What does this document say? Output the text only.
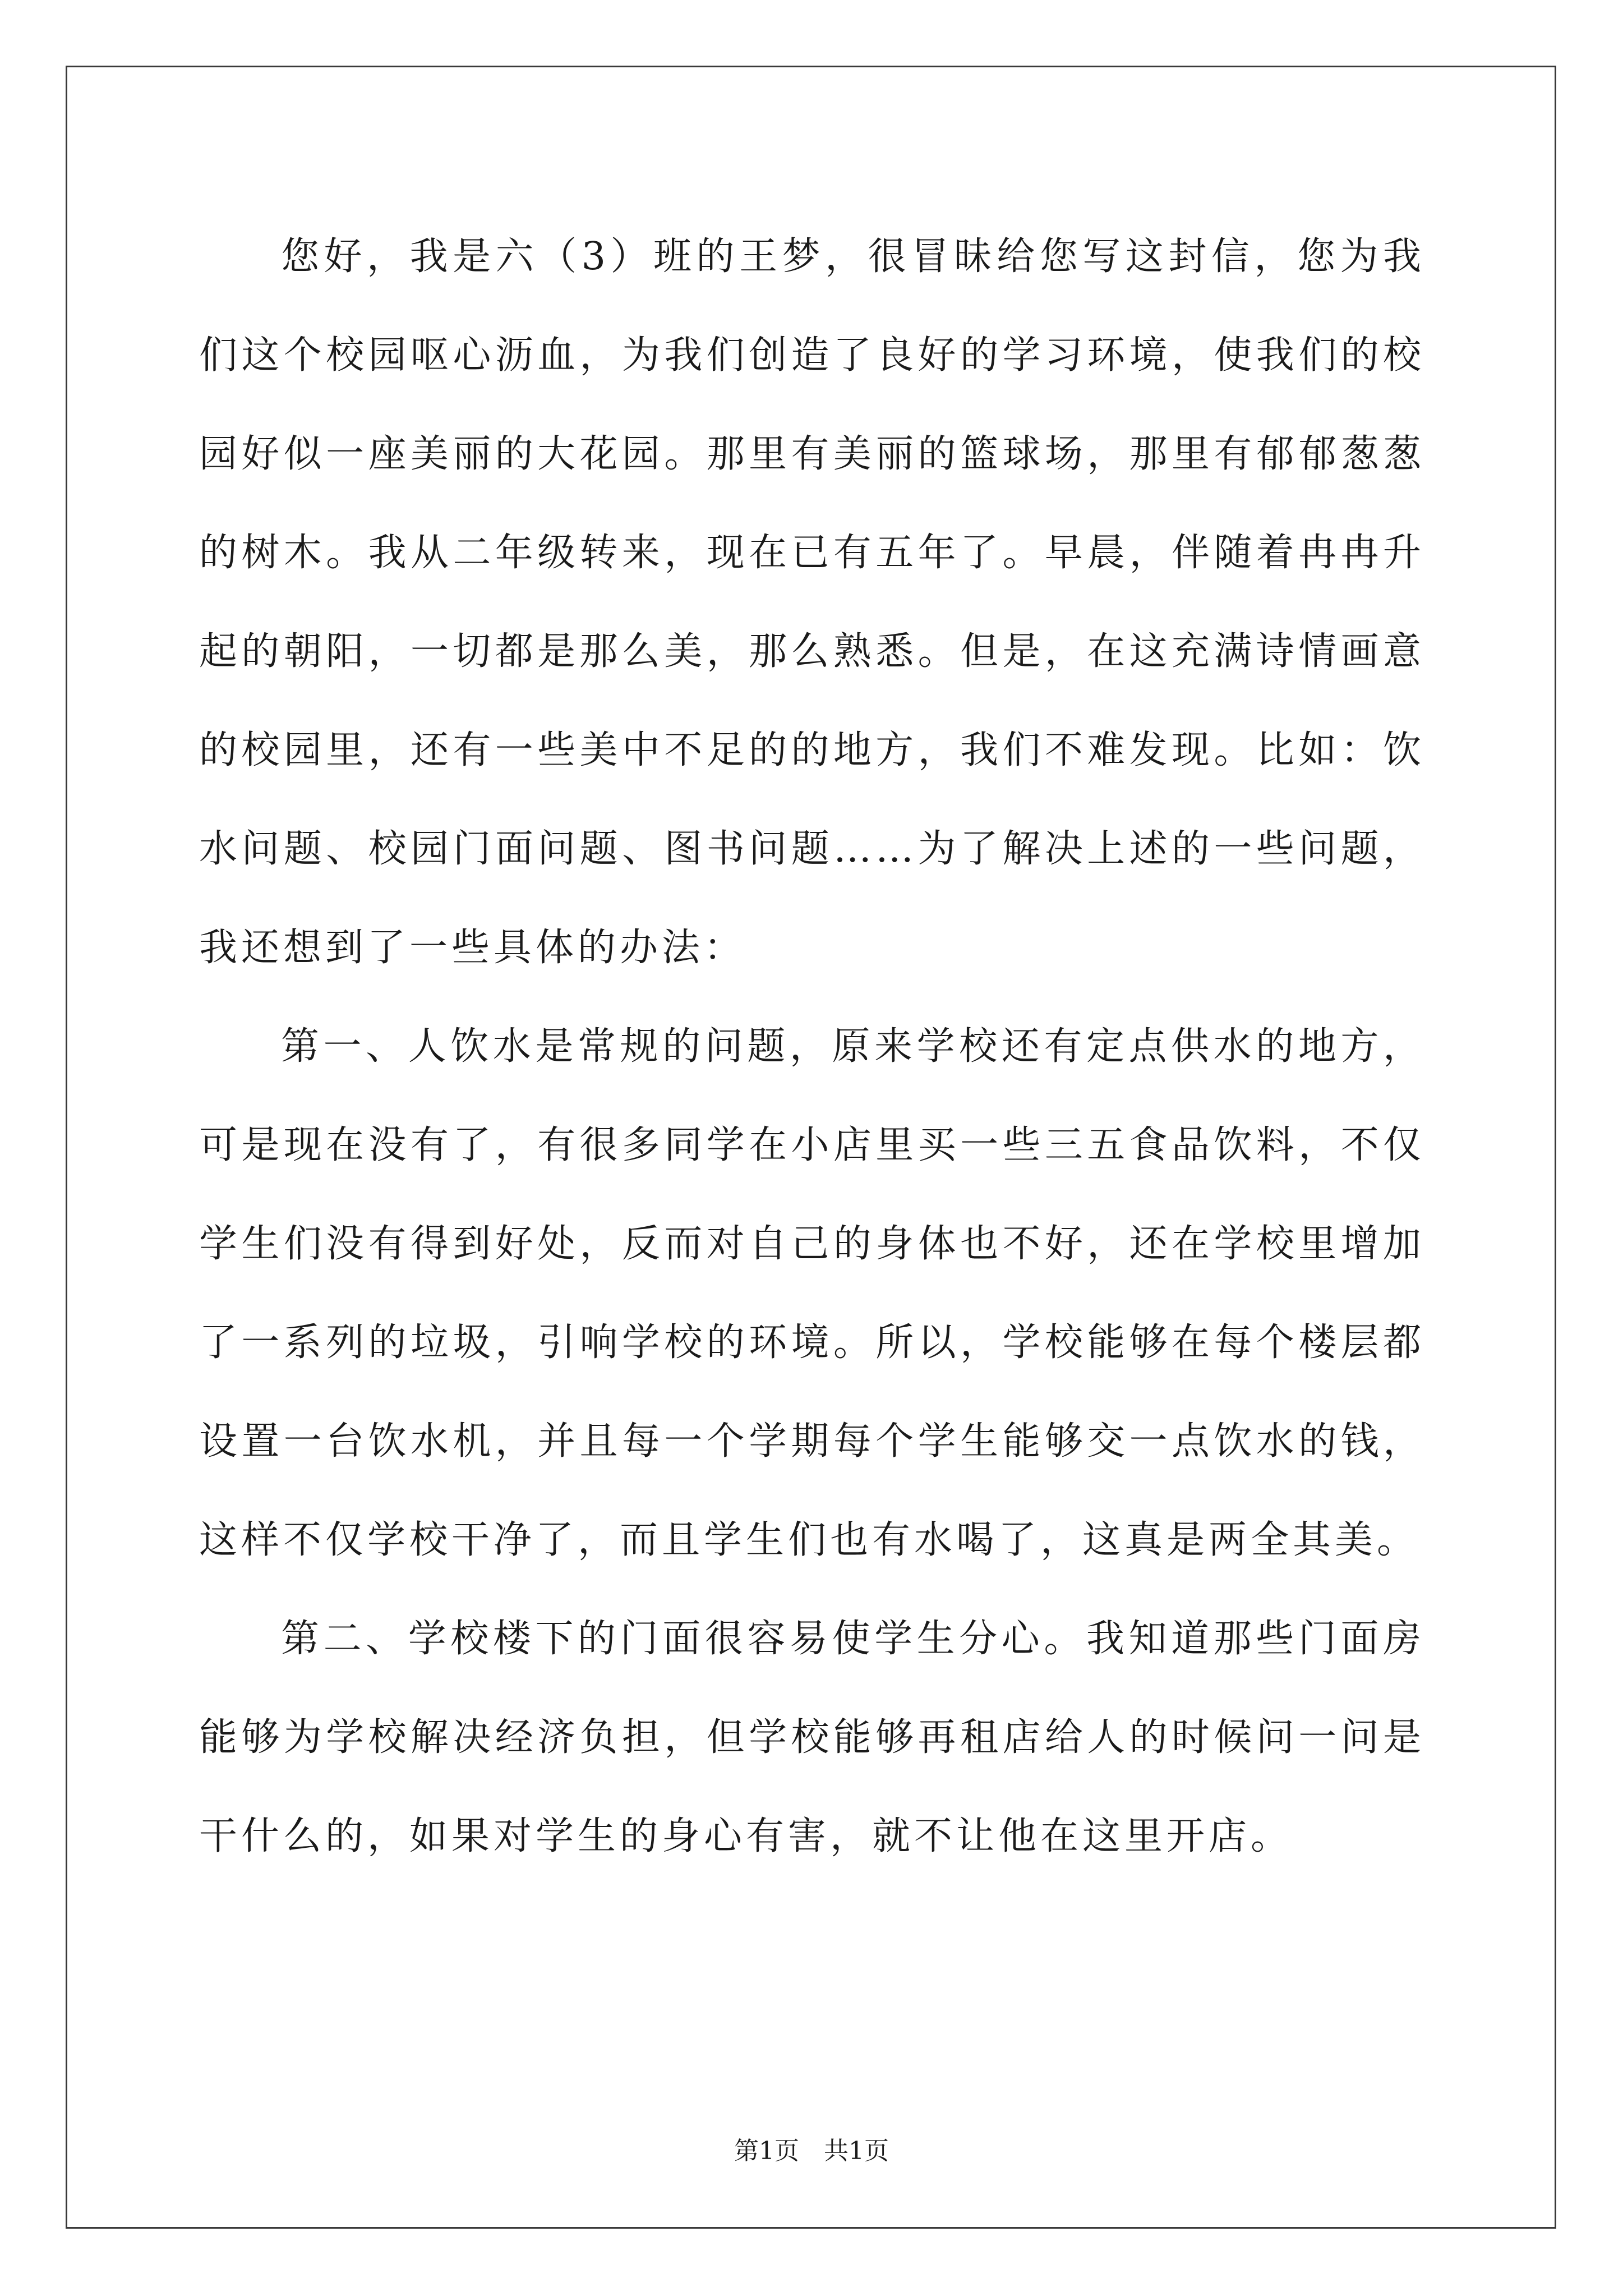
您好，我是六（3）班的王梦，很冒昧给您写这封信，您为我们这个校园呕心沥血，为我们创造了良好的学习环境，使我们的校园好似一座美丽的大花园。那里有美丽的篮球场，那里有郁郁葱葱的树木。我从二年级转来，现在已有五年了。早晨，伴随着冉冉升起的朝阳，一切都是那么美，那么熟悉。但是，在这充满诗情画意的校园里，还有一些美中不足的的地方，我们不难发现。比如：饮水问题、校园门面问题、图书问题……为了解决上述的一些问题，我还想到了一些具体的办法：

第一、人饮水是常规的问题，原来学校还有定点供水的地方，可是现在没有了，有很多同学在小店里买一些三五食品饮料，不仅学生们没有得到好处，反而对自己的身体也不好，还在学校里增加了一系列的垃圾，引响学校的环境。所以，学校能够在每个楼层都设置一台饮水机，并且每一个学期每个学生能够交一点饮水的钱，这样不仅学校干净了，而且学生们也有水喝了，这真是两全其美。

第二、学校楼下的门面很容易使学生分心。我知道那些门面房能够为学校解决经济负担，但学校能够再租店给人的时候问一问是干什么的，如果对学生的身心有害，就不让他在这里开店。

第1页 共1页
